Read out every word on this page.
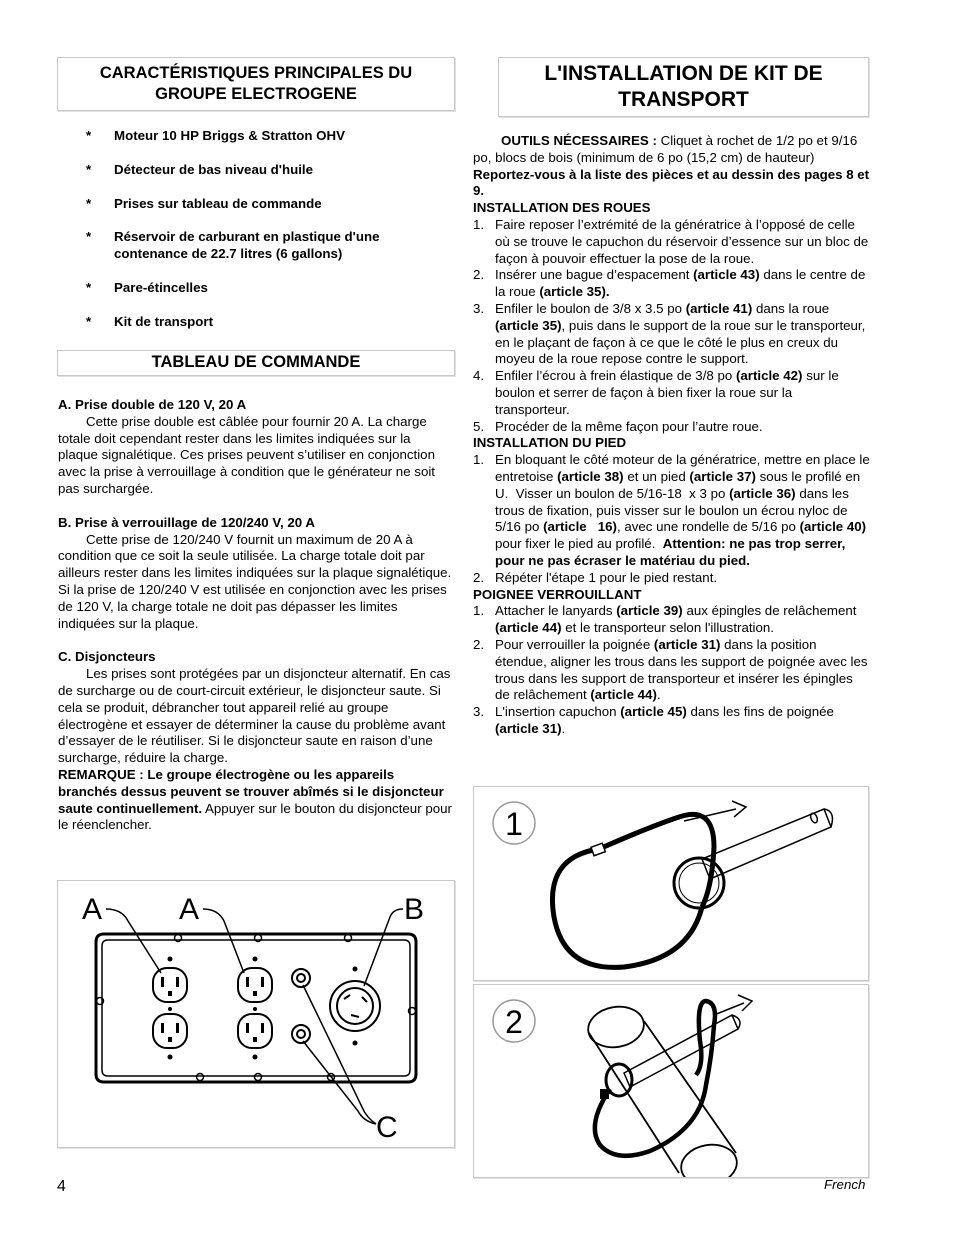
CARACTÉRISTIQUES PRINCIPALES DU GROUPE ELECTROGENE
* Moteur 10 HP Briggs & Stratton OHV
* Détecteur de bas niveau d'huile
* Prises sur tableau de commande
* Réservoir de carburant en plastique d'une contenance de 22.7 litres (6 gallons)
* Pare-étincelles
* Kit de transport
TABLEAU DE COMMANDE
A. Prise double de 120 V, 20 A
Cette prise double est câblée pour fournir 20 A. La charge totale doit cependant rester dans les limites indiquées sur la plaque signalétique. Ces prises peuvent s’utiliser en conjonction avec la prise à verrouillage à condition que le générateur ne soit pas surchargée.
B. Prise à verrouillage de 120/240 V, 20 A
Cette prise de 120/240 V fournit un maximum de 20 A à condition que ce soit la seule utilisée. La charge totale doit par ailleurs rester dans les limites indiquées sur la plaque signalétique. Si la prise de 120/240 V est utilisée en conjonction avec les prises de 120 V, la charge totale ne doit pas dépasser les limites indiquées sur la plaque.
C. Disjoncteurs
Les prises sont protégées par un disjoncteur alternatif. En cas de surcharge ou de court-circuit extérieur, le disjoncteur saute. Si cela se produit, débrancher tout appareil relié au groupe électrogène et essayer de déterminer la cause du problème avant d’essayer de le réutiliser. Si le disjoncteur saute en raison d’une surcharge, réduire la charge.
REMARQUE : Le groupe électrogène ou les appareils branchés dessus peuvent se trouver abîmés si le disjoncteur saute continuellement. Appuyer sur le bouton du disjoncteur pour le réenclencher.
A	A	B
C
4
L'INSTALLATION DE KIT DE TRANSPORT
OUTILS NÉCESSAIRES : Cliquet à rochet de 1/2 po et 9/16 po, blocs de bois (minimum de 6 po (15,2 cm) de hauteur)
Reportez-vous à la liste des pièces et au dessin des pages 8 et 9.
INSTALLATION DES ROUES
1. Faire reposer l’extrémité de la génératrice à l’opposé de celle où se trouve le capuchon du réservoir d’essence sur un bloc de façon à pouvoir effectuer la pose de la roue.
2. Insérer une bague d’espacement (article 43) dans le centre de la roue (article 35).
3. Enfiler le boulon de 3/8 x 3.5 po (article 41) dans la roue (article 35), puis dans le support de la roue sur le transporteur, en le plaçant de façon à ce que le côté le plus en creux du moyeu de la roue repose contre le support.
4. Enfiler l’écrou à frein élastique de 3/8 po (article 42) sur le boulon et serrer de façon à bien fixer la roue sur la transporteur.
5. Procéder de la même façon pour l’autre roue.
INSTALLATION DU PIED
1. En bloquant le côté moteur de la génératrice, mettre en place le entretoise (article 38) et un pied (article 37) sous le profilé en U.  Visser un boulon de 5/16-18  x 3 po (article 36) dans les trous de fixation, puis visser sur le boulon un écrou nyloc de 5/16 po (article   16), avec une rondelle de 5/16 po (article 40) pour fixer le pied au profilé.  Attention: ne pas trop serrer, pour ne pas écraser le matériau du pied.
2. Répéter l'étape 1 pour le pied restant.
POIGNEE VERROUILLANT
1. Attacher le lanyards (article 39) aux épingles de relâchement (article 44) et le transporteur selon l'illustration.
2. Pour verrouiller la poignée (article 31) dans la position étendue, aligner les trous dans les support de poignée avec les trous dans les support de transporteur et insérer les épingles de relâchement (article 44).
3. L'insertion capuchon (article 45) dans les fins de poignée (article 31).
1
2
French
